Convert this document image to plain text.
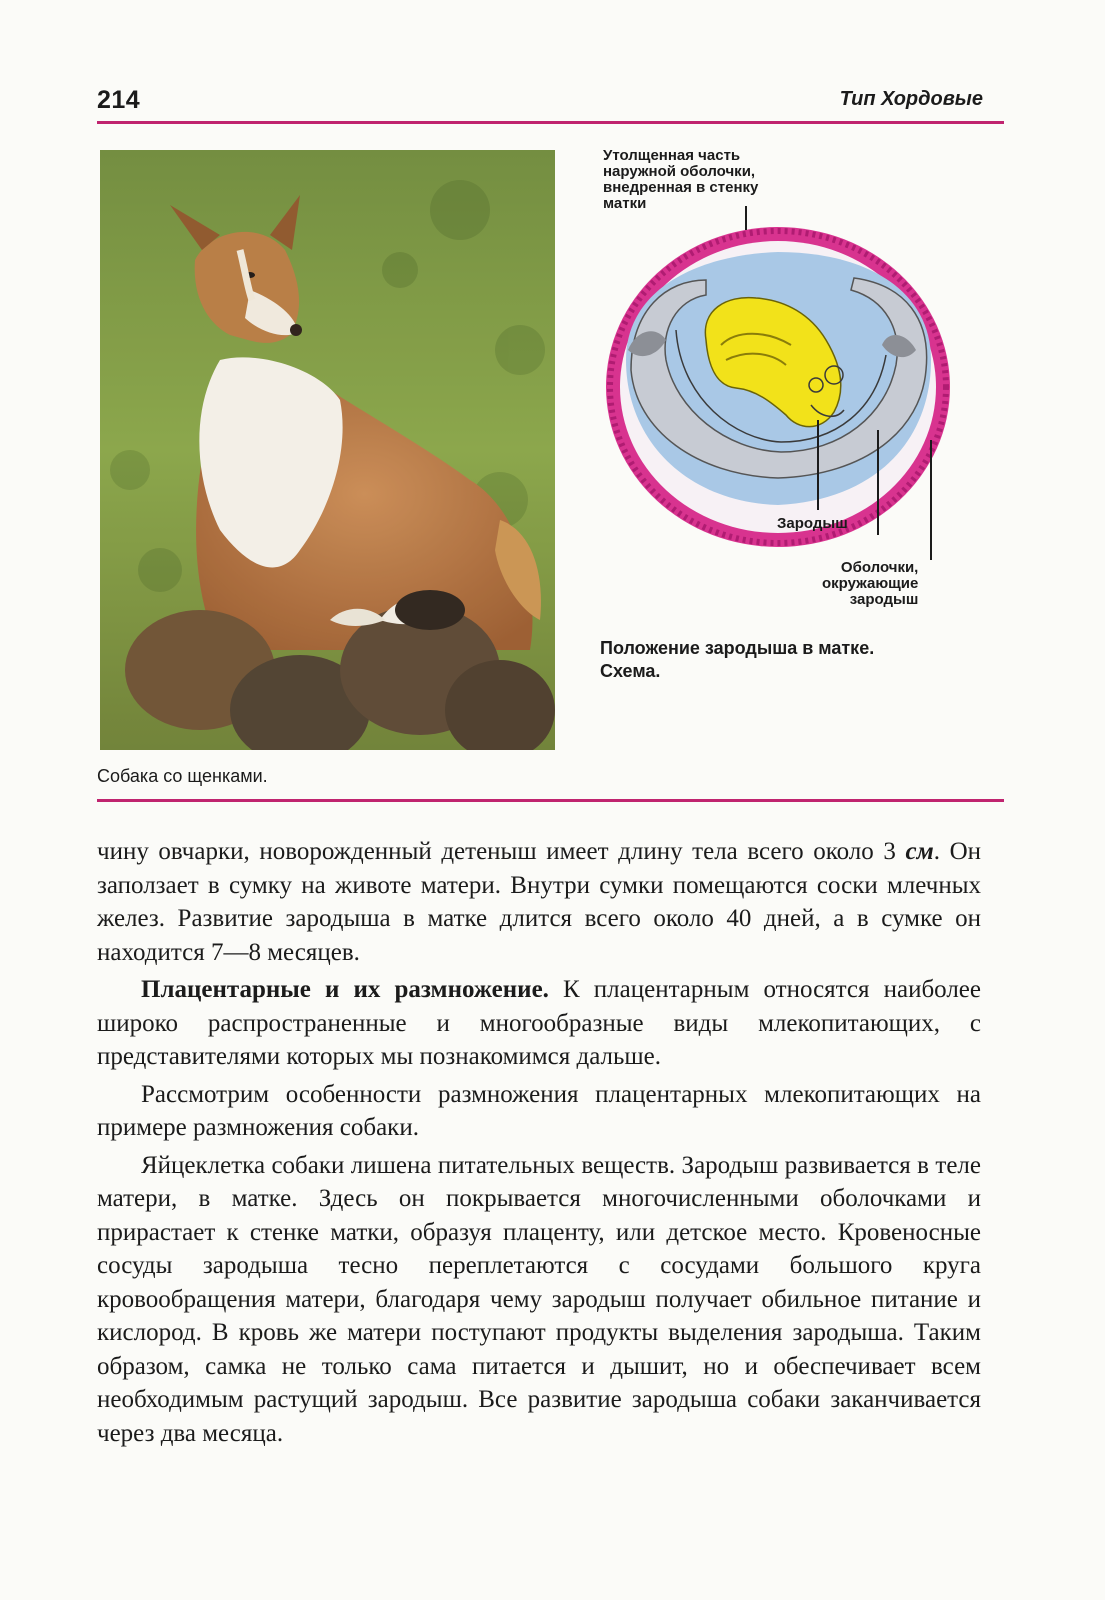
214	Тип Хордовые
Собака со щенками.
Утолщенная часть
наружной оболочки,
внедренная в стенку
матки
Зародыш
Оболочки,
окружающие
зародыш
Положение зародыша в матке.
Схема.

чину овчарки, новорожденный детеныш имеет длину тела всего около 3 см. Он заползает в сумку на животе матери. Внутри сумки помещаются соски млечных желез. Развитие зародыша в матке длится всего около 40 дней, а в сумке он находится 7—8 месяцев.

Плацентарные и их размножение. К плацентарным относятся наиболее широко распространенные и многообразные виды млекопитающих, с представителями которых мы познакомимся дальше.

Рассмотрим особенности размножения плацентарных млекопитающих на примере размножения собаки.

Яйцеклетка собаки лишена питательных веществ. Зародыш развивается в теле матери, в матке. Здесь он покрывается многочисленными оболочками и прирастает к стенке матки, образуя плаценту, или детское место. Кровеносные сосуды зародыша тесно переплетаются с сосудами большого круга кровообращения матери, благодаря чему зародыш получает обильное питание и кислород. В кровь же матери поступают продукты выделения зародыша. Таким образом, самка не только сама питается и дышит, но и обеспечивает всем необходимым растущий зародыш. Все развитие зародыша собаки заканчивается через два месяца.
